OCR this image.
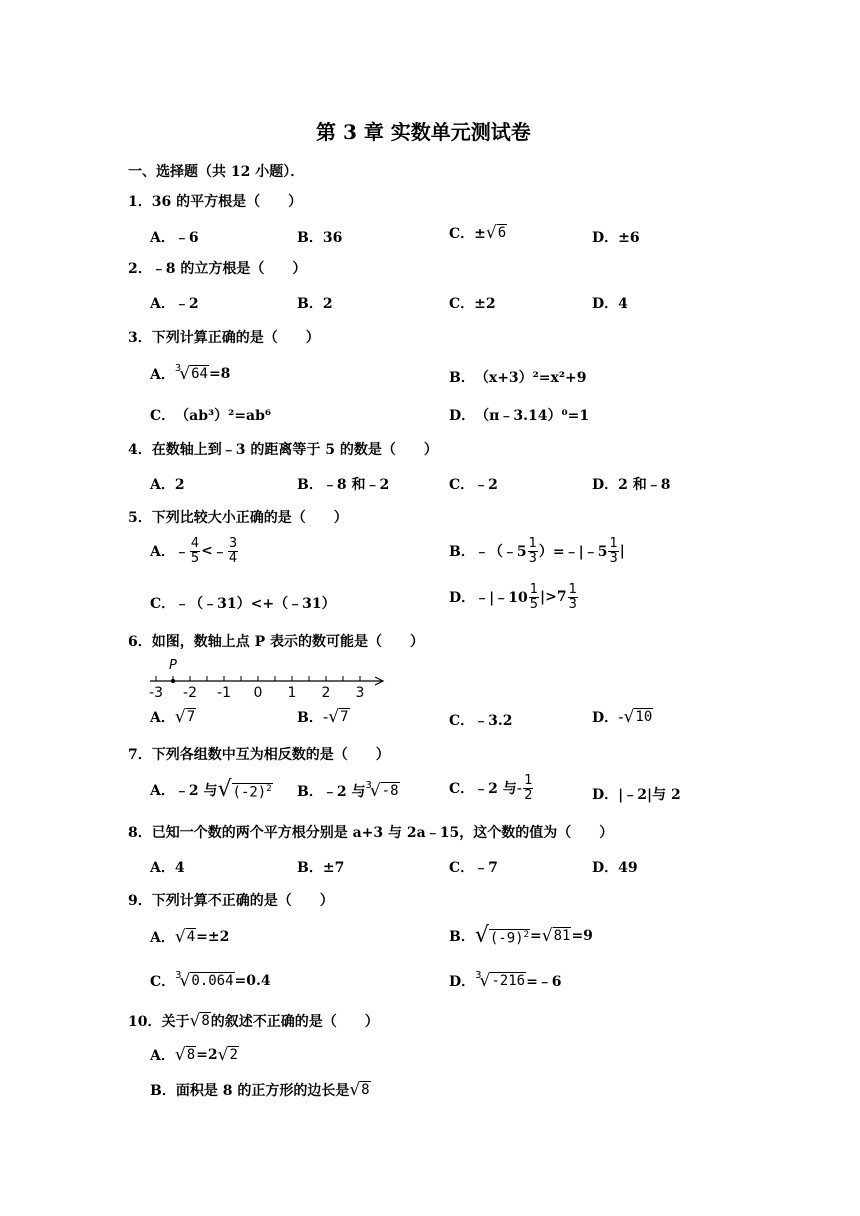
第 3 章 实数单元测试卷
一、选择题（共 12 小题）．
1．36 的平方根是（　　）
A．﹣6	B．36	C．± √ 6	D．±6
2．﹣8 的立方根是（　　）
A．﹣2	B．2	C．±2	D．4
3．下列计算正确的是（　　）
A． 3
√ 64 =8	B． （x+3）²=x²+9
C． （ab³）²=ab⁶	D． （π﹣3.14）⁰=1
4．在数轴上到﹣3 的距离等于 5 的数是（　　）
A．2	B．﹣8 和﹣2	C．﹣2	D．2 和﹣8
5．下列比较大小正确的是（　　）
A． ﹣ $\frac{4}{5}$ < ﹣ $\frac{3}{4}$	B． ﹣（﹣5 $\frac{1}{3}$ ）=﹣|﹣5 $\frac{1}{3}$ |
C．﹣（﹣31）<+（﹣31）	D． ﹣|﹣10 $\frac{1}{5} |>7 \frac{1}{3}$
6．如图，数轴上点 P 表示的数可能是（　　）
P
-3 -2 -1 0 1 2 3
A． √ 7	B． - √ 7	C．﹣3.2	D． - √ 10
7．下列各组数中互为相反数的是（　　）
A．﹣2 与 √ $(-2)^2$ B．﹣2 与 3
√ -8	C．﹣2 与 - $\frac{1}{2}$	D．|﹣2|与 2
8．已知一个数的两个平方根分别是 a+3 与 2a﹣15，这个数的值为（　　）
A．4	B．±7	C．﹣7	D．49
9．下列计算不正确的是（　　）
A． √ 4 =±2	B． √ $(-9)^2$ = √ 81 =9
C． 3
√ 0.064 =0.4	D． 3
√ -216 =﹣6
10．关于 √ 8 的叙述不正确的是（　　）
A． √ 8 =2 √ 2
B．面积是 8 的正方形的边长是 √ 8
